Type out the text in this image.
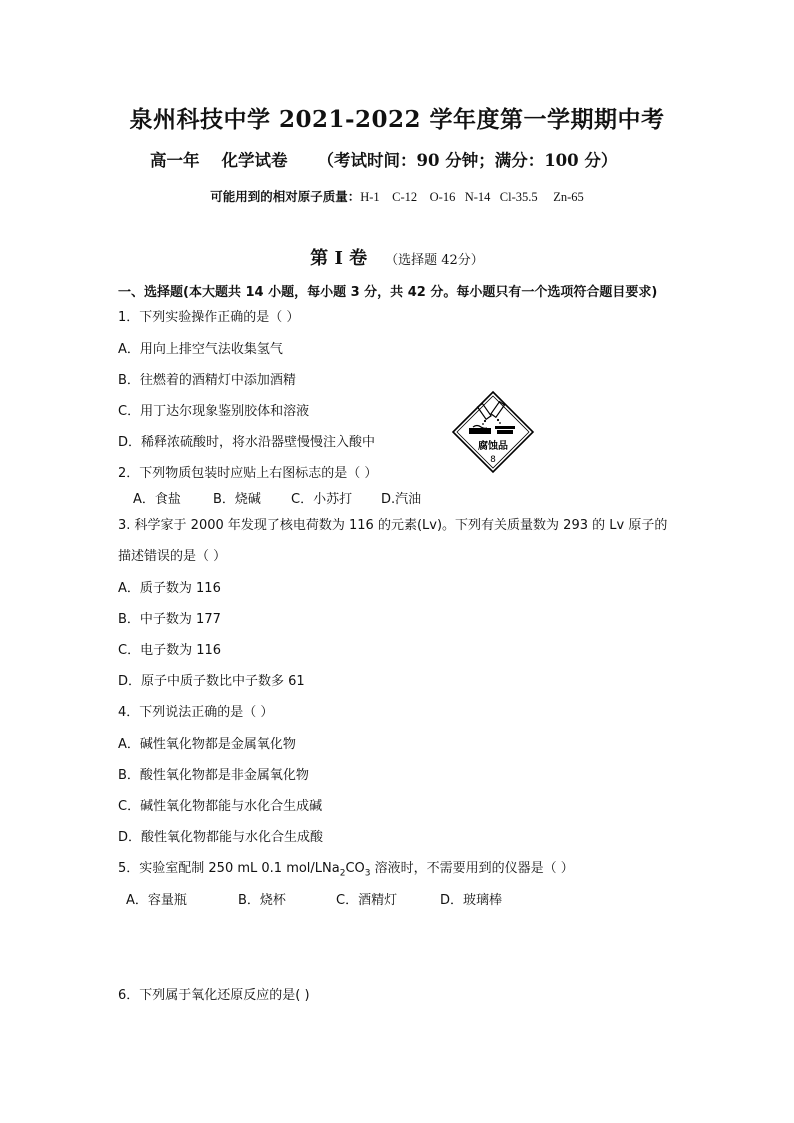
泉州科技中学 2021-2022 学年度第一学期期中考
高一年 化学试卷 （考试时间：90 分钟；满分：100 分）
可能用到的相对原子质量：H-1    C-12    O-16   N-14   Cl-35.5     Zn-65
第 I 卷 （选择题 42分）
一、选择题(本大题共 14 小题，每小题 3 分，共 42 分。每小题只有一个选项符合题目要求)
1．下列实验操作正确的是（ ）
A．用向上排空气法收集氢气
B．往燃着的酒精灯中添加酒精
C．用丁达尔现象鉴别胶体和溶液
D．稀释浓硫酸时，将水沿器壁慢慢注入酸中
2．下列物质包装时应贴上右图标志的是（ ）
A．食盐 B．烧碱 C．小苏打 D.汽油
3. 科学家于 2000 年发现了核电荷数为 116 的元素(Lv)。下列有关质量数为 293 的 Lv 原子的
描述错误的是（ ）
A．质子数为 116
B．中子数为 177
C．电子数为 116
D．原子中质子数比中子数多 61
4．下列说法正确的是（ ）
A．碱性氧化物都是金属氧化物
B．酸性氧化物都是非金属氧化物
C．碱性氧化物都能与水化合生成碱
D．酸性氧化物都能与水化合生成酸
5．实验室配制 250 mL 0.1 mol/$LNa_2CO_3$ 溶液时，不需要用到的仪器是（ ）
A．容量瓶	B．烧杯	C．酒精灯	D．玻璃棒
6．下列属于氧化还原反应的是( )
腐蚀品
8
